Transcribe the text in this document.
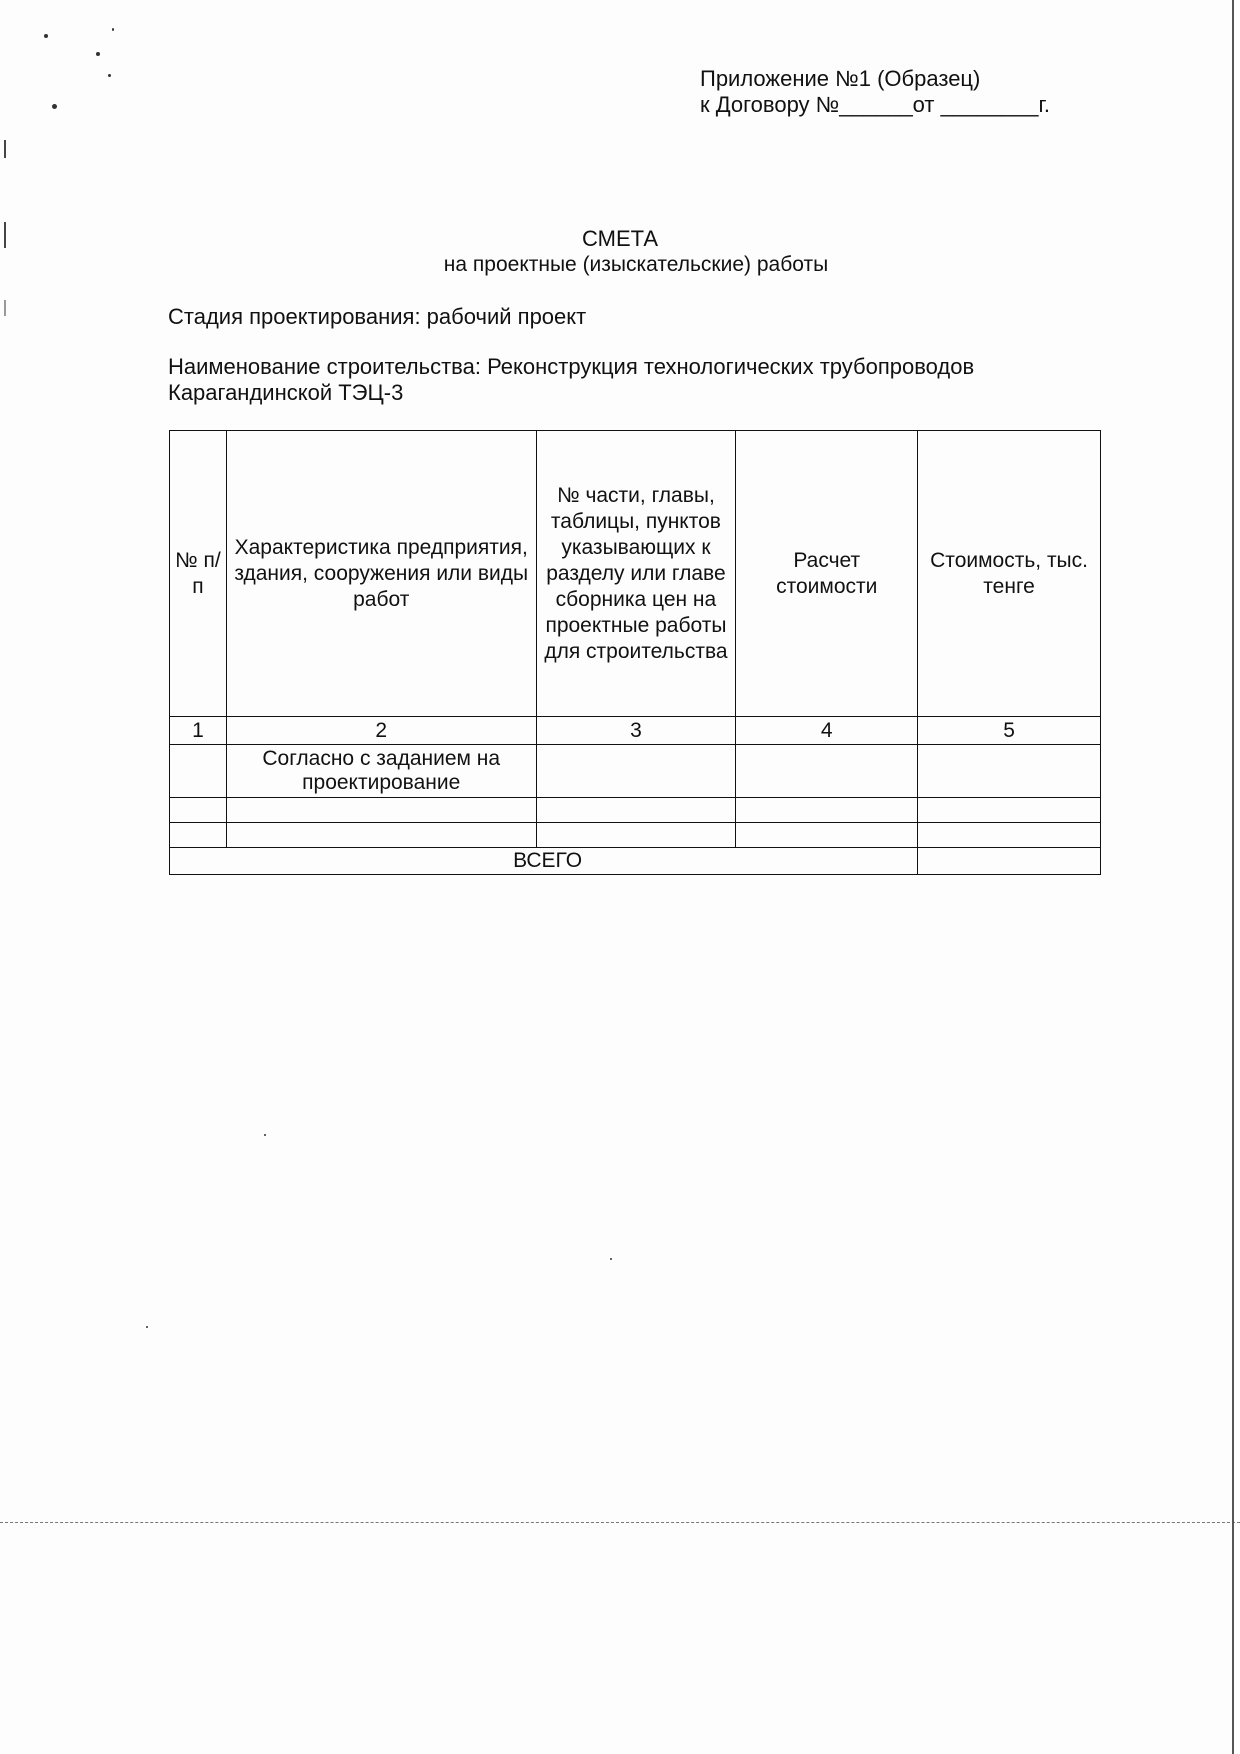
Приложение №1 (Образец)
к Договору №______от ________г.
СМЕТА
на проектные (изыскательские) работы
Стадия проектирования: рабочий проект
Наименование строительства: Реконструкция технологических трубопроводов
Карагандинской ТЭЦ-3
№ п/п	Характеристика предприятия, здания, сооружения или виды работ	№ части, главы, таблицы, пунктов указывающих к разделу или главе сборника цен на проектные работы для строительства	Расчет стоимости	Стоимость, тыс. тенге
1	2	3	4	5
	Согласно с заданием на проектирование			

ВСЕГО				
